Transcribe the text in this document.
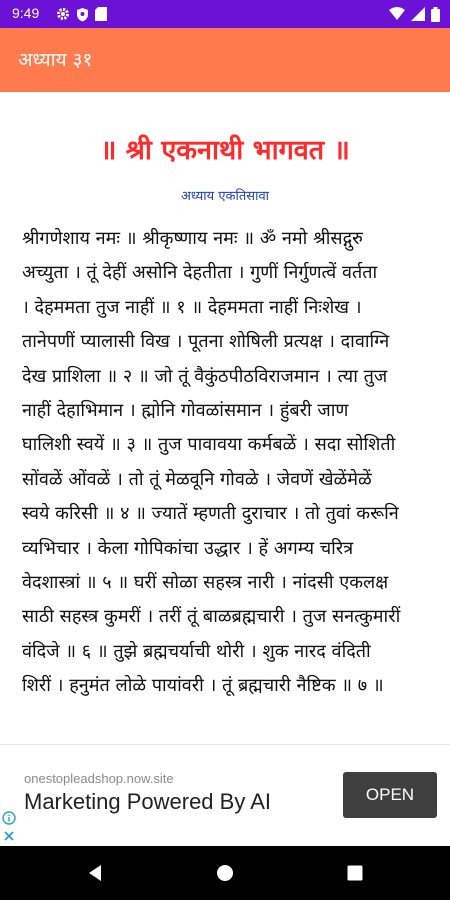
9:49
अध्याय ३१
॥ श्री एकनाथी भागवत ॥
अध्याय एकतिसावा
श्रीगणेशाय नमः ॥ श्रीकृष्णाय नमः ॥ ॐ नमो श्रीसद्गुरु
अच्युता । तूं देहीं असोनि देहतीता । गुणीं निर्गुणत्वें वर्तता
। देहममता तुज नाहीं ॥ १ ॥ देहममता नाहीं निःशेख ।
तानेपणीं प्यालासी विख । पूतना शोषिली प्रत्यक्ष । दावाग्नि
देख प्राशिला ॥ २ ॥ जो तूं वैकुंठपीठविराजमान । त्या तुज
नाहीं देहाभिमान । ह्मोनि गोवळांसमान । हुंबरी जाण
घालिशी स्वयें ॥ ३ ॥ तुज पावावया कर्मबळें । सदा सोशिती
सोंवळें ओंवळें । तो तूं मेळवूनि गोवळे । जेवणें खेळेंमेळें
स्वये करिसी ॥ ४ ॥ ज्यातें म्हणती दुराचार । तो तुवां करूनि
व्यभिचार । केला गोपिकांचा उद्धार । हें अगम्य चरित्र
वेदशास्त्रां ॥ ५ ॥ घरीं सोळा सहस्त्र नारी । नांदसी एकलक्ष
साठी सहस्त्र कुमरीं । तरीं तूं बाळब्रह्मचारी । तुज सनत्कुमारीं
वंदिजे ॥ ६ ॥ तुझे ब्रह्मचर्याची थोरी । शुक नारद वंदिती
शिरीं । हनुमंत लोळे पायांवरी । तूं ब्रह्मचारी नैष्टिक ॥ ७ ॥
onestopleadshop.now.site
Marketing Powered By AI	OPEN
